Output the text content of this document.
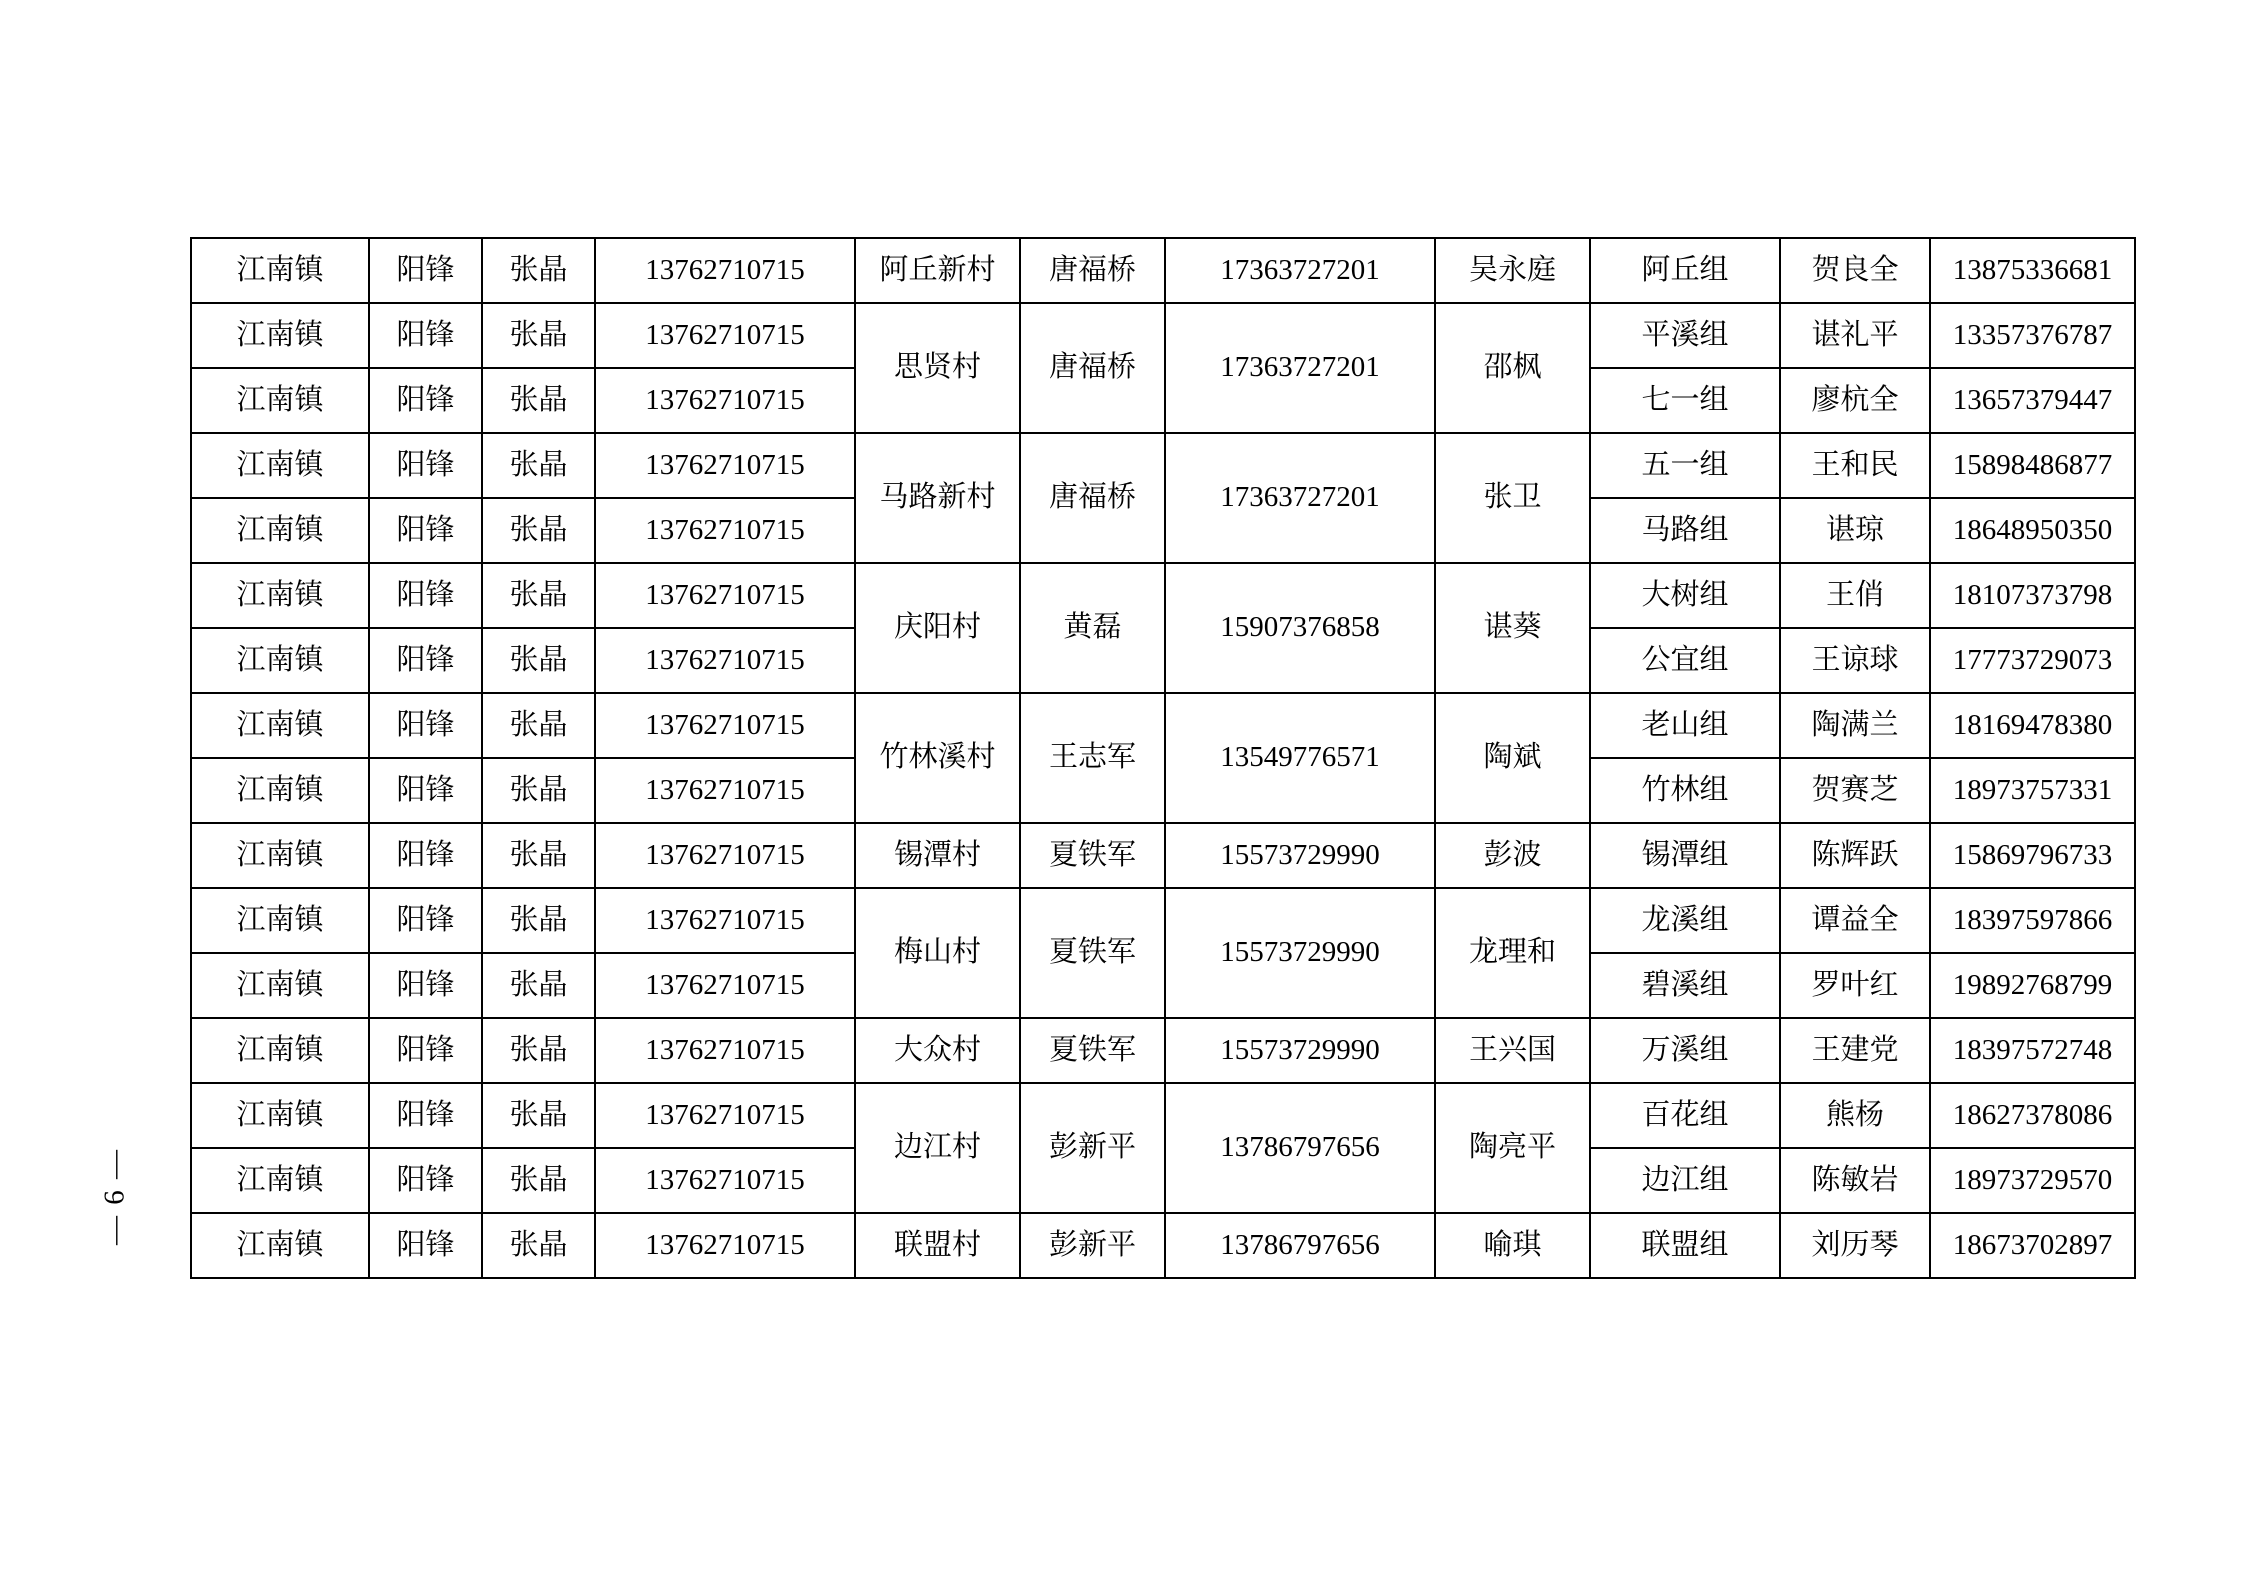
— 6 —
江南镇	阳锋	张晶	13762710715	阿丘新村	唐福桥	17363727201	吴永庭	阿丘组	贺良全	13875336681
江南镇	阳锋	张晶	13762710715	思贤村	唐福桥	17363727201	邵枫	平溪组	谌礼平	13357376787
江南镇	阳锋	张晶	13762710715					七一组	廖杭全	13657379447
江南镇	阳锋	张晶	13762710715	马路新村	唐福桥	17363727201	张卫	五一组	王和民	15898486877
江南镇	阳锋	张晶	13762710715					马路组	谌琼	18648950350
江南镇	阳锋	张晶	13762710715	庆阳村	黄磊	15907376858	谌葵	大树组	王俏	18107373798
江南镇	阳锋	张晶	13762710715					公宜组	王谅球	17773729073
江南镇	阳锋	张晶	13762710715	竹林溪村	王志军	13549776571	陶斌	老山组	陶满兰	18169478380
江南镇	阳锋	张晶	13762710715					竹林组	贺赛芝	18973757331
江南镇	阳锋	张晶	13762710715	锡潭村	夏铁军	15573729990	彭波	锡潭组	陈辉跃	15869796733
江南镇	阳锋	张晶	13762710715	梅山村	夏铁军	15573729990	龙理和	龙溪组	谭益全	18397597866
江南镇	阳锋	张晶	13762710715					碧溪组	罗叶红	19892768799
江南镇	阳锋	张晶	13762710715	大众村	夏铁军	15573729990	王兴国	万溪组	王建党	18397572748
江南镇	阳锋	张晶	13762710715	边江村	彭新平	13786797656	陶亮平	百花组	熊杨	18627378086
江南镇	阳锋	张晶	13762710715					边江组	陈敏岩	18973729570
江南镇	阳锋	张晶	13762710715	联盟村	彭新平	13786797656	喻琪	联盟组	刘历琴	18673702897
